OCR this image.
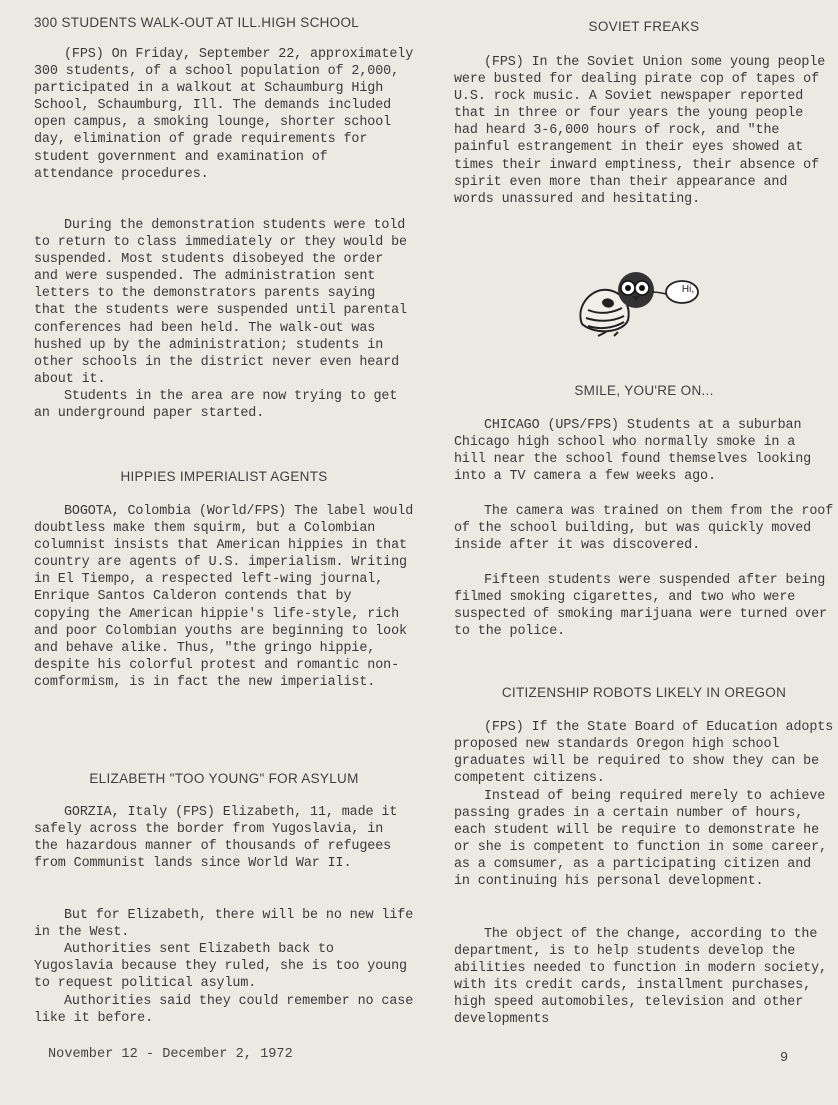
300 STUDENTS WALK-OUT AT ILL.HIGH SCHOOL

(FPS) On Friday, September 22, approximately 300 students, of a school population of 2,000, participated in a walkout at Schaumburg High School, Schaumburg, Ill. The demands included open campus, a smoking lounge, shorter school day, elimination of grade requirements for student government and examination of attendance procedures.

During the demonstration students were told to return to class immediately or they would be suspended. Most students disobeyed the order and were suspended. The administration sent letters to the demonstrators parents saying that the students were suspended until parental conferences had been held. The walk-out was hushed up by the administration; students in other schools in the district never even heard about it.

Students in the area are now trying to get an underground paper started.

HIPPIES IMPERIALIST AGENTS

BOGOTA, Colombia (World/FPS) The label would doubtless make them squirm, but a Colombian columnist insists that American hippies in that country are agents of U.S. imperialism. Writing in El Tiempo, a respected left-wing journal, Enrique Santos Calderon contends that by copying the American hippie's life-style, rich and poor Colombian youths are beginning to look and behave alike. Thus, "the gringo hippie, despite his colorful protest and romantic non-comformism, is in fact the new imperialist.

ELIZABETH "TOO YOUNG" FOR ASYLUM

GORZIA, Italy (FPS) Elizabeth, 11, made it safely across the border from Yugoslavia, in the hazardous manner of thousands of refugees from Communist lands since World War II.

But for Elizabeth, there will be no new life in the West.

Authorities sent Elizabeth back to Yugoslavia because they ruled, she is too young to request political asylum.

Authorities said they could remember no case like it before.

SOVIET FREAKS

(FPS) In the Soviet Union some young people were busted for dealing pirate cop of tapes of U.S. rock music. A Soviet newspaper reported that in three or four years the young people had heard 3-6,000 hours of rock, and "the painful estrangement in their eyes showed at times their inward emptiness, their absence of spirit even more than their appearance and words unassured and hesitating.

Hi,
SMILE, YOU'RE ON...

CHICAGO (UPS/FPS) Students at a suburban Chicago high school who normally smoke in a hill near the school found themselves looking into a TV camera a few weeks ago.

The camera was trained on them from the roof of the school building, but was quickly moved inside after it was discovered.

Fifteen students were suspended after being filmed smoking cigarettes, and two who were suspected of smoking marijuana were turned over to the police.

CITIZENSHIP ROBOTS LIKELY IN OREGON

(FPS) If the State Board of Education adopts proposed new standards Oregon high school graduates will be required to show they can be competent citizens.

Instead of being required merely to achieve passing grades in a certain number of hours, each student will be require to demonstrate he or she is competent to function in some career, as a comsumer, as a participating citizen and in continuing his personal development.

The object of the change, according to the department, is to help students develop the abilities needed to function in modern society, with its credit cards, installment purchases, high speed automobiles, television and other developments

November 12 - December 2, 1972	9
